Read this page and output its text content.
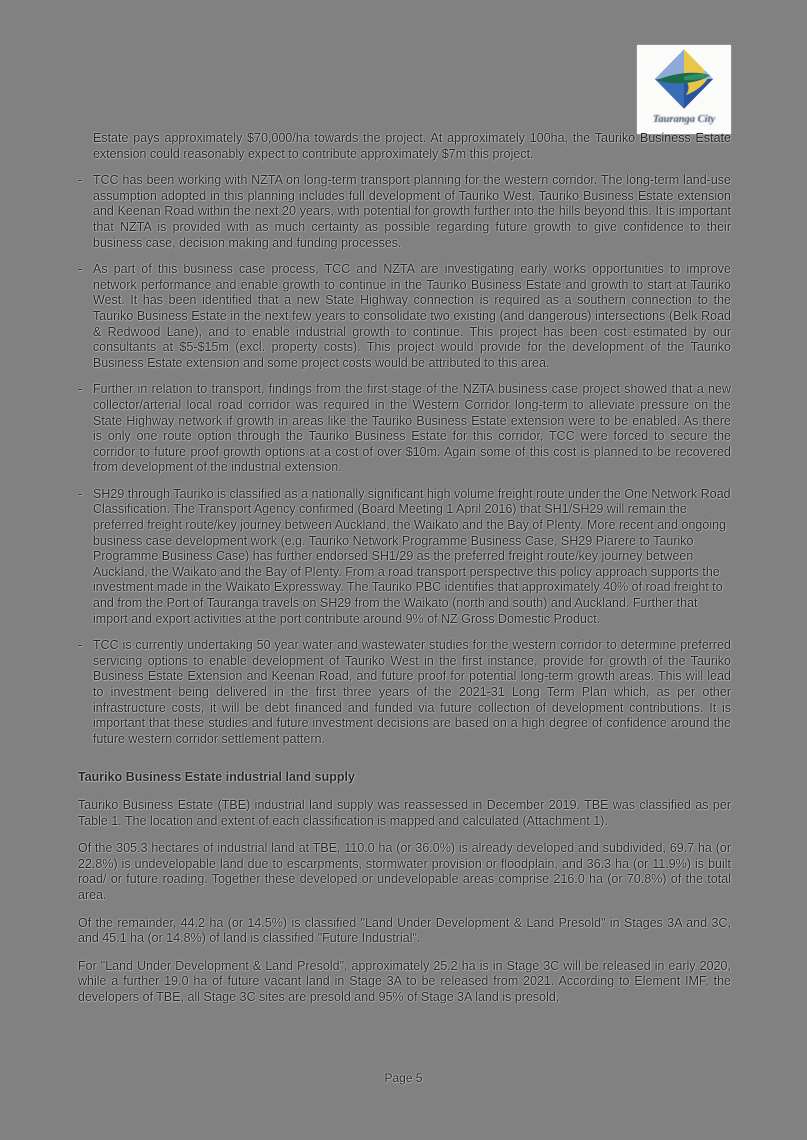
Tauranga City

Estate pays approximately $70,000/ha towards the project. At approximately 100ha, the Tauriko Business Estate extension could reasonably expect to contribute approximately $7m this project.

- TCC has been working with NZTA on long-term transport planning for the western corridor. The long-term land-use assumption adopted in this planning includes full development of Tauriko West, Tauriko Business Estate extension and Keenan Road within the next 20 years, with potential for growth further into the hills beyond this. It is important that NZTA is provided with as much certainty as possible regarding future growth to give confidence to their business case, decision making and funding processes.
- As part of this business case process, TCC and NZTA are investigating early works opportunities to improve network performance and enable growth to continue in the Tauriko Business Estate and growth to start at Tauriko West. It has been identified that a new State Highway connection is required as a southern connection to the Tauriko Business Estate in the next few years to consolidate two existing (and dangerous) intersections (Belk Road & Redwood Lane), and to enable industrial growth to continue. This project has been cost estimated by our consultants at $5-$15m (excl. property costs). This project would provide for the development of the Tauriko Business Estate extension and some project costs would be attributed to this area.
- Further in relation to transport, findings from the first stage of the NZTA business case project showed that a new collector/arterial local road corridor was required in the Western Corridor long-term to alleviate pressure on the State Highway network if growth in areas like the Tauriko Business Estate extension were to be enabled. As there is only one route option through the Tauriko Business Estate for this corridor, TCC were forced to secure the corridor to future proof growth options at a cost of over $10m. Again some of this cost is planned to be recovered from development of the industrial extension.
- SH29 through Tauriko is classified as a nationally significant high volume freight route under the One Network Road Classification. The Transport Agency confirmed (Board Meeting 1 April 2016) that SH1/SH29 will remain the preferred freight route/key journey between Auckland, the Waikato and the Bay of Plenty. More recent and ongoing business case development work (e.g. Tauriko Network Programme Business Case, SH29 Piarere to Tauriko Programme Business Case) has further endorsed SH1/29 as the preferred freight route/key journey between Auckland, the Waikato and the Bay of Plenty. From a road transport perspective this policy approach supports the investment made in the Waikato Expressway. The Tauriko PBC identifies that approximately 40% of road freight to and from the Port of Tauranga travels on SH29 from the Waikato (north and south) and Auckland. Further that import and export activities at the port contribute around 9% of NZ Gross Domestic Product.
- TCC is currently undertaking 50 year water and wastewater studies for the western corridor to determine preferred servicing options to enable development of Tauriko West in the first instance, provide for growth of the Tauriko Business Estate Extension and Keenan Road, and future proof for potential long-term growth areas. This will lead to investment being delivered in the first three years of the 2021-31 Long Term Plan which, as per other infrastructure costs, it will be debt financed and funded via future collection of development contributions. It is important that these studies and future investment decisions are based on a high degree of confidence around the future western corridor settlement pattern.
Tauriko Business Estate industrial land supply

Tauriko Business Estate (TBE) industrial land supply was reassessed in December 2019. TBE was classified as per Table 1. The location and extent of each classification is mapped and calculated (Attachment 1).

Of the 305.3 hectares of industrial land at TBE, 110.0 ha (or 36.0%) is already developed and subdivided, 69.7 ha (or 22.8%) is undevelopable land due to escarpments, stormwater provision or floodplain, and 36.3 ha (or 11.9%) is built road/ or future roading. Together these developed or undevelopable areas comprise 216.0 ha (or 70.8%) of the total area.

Of the remainder, 44.2 ha (or 14.5%) is classified "Land Under Development & Land Presold" in Stages 3A and 3C, and 45.1 ha (or 14.8%) of land is classified "Future Industrial".

For "Land Under Development & Land Presold", approximately 25.2 ha is in Stage 3C will be released in early 2020, while a further 19.0 ha of future vacant land in Stage 3A to be released from 2021. According to Element IMF, the developers of TBE, all Stage 3C sites are presold and 95% of Stage 3A land is presold,

Page 5
